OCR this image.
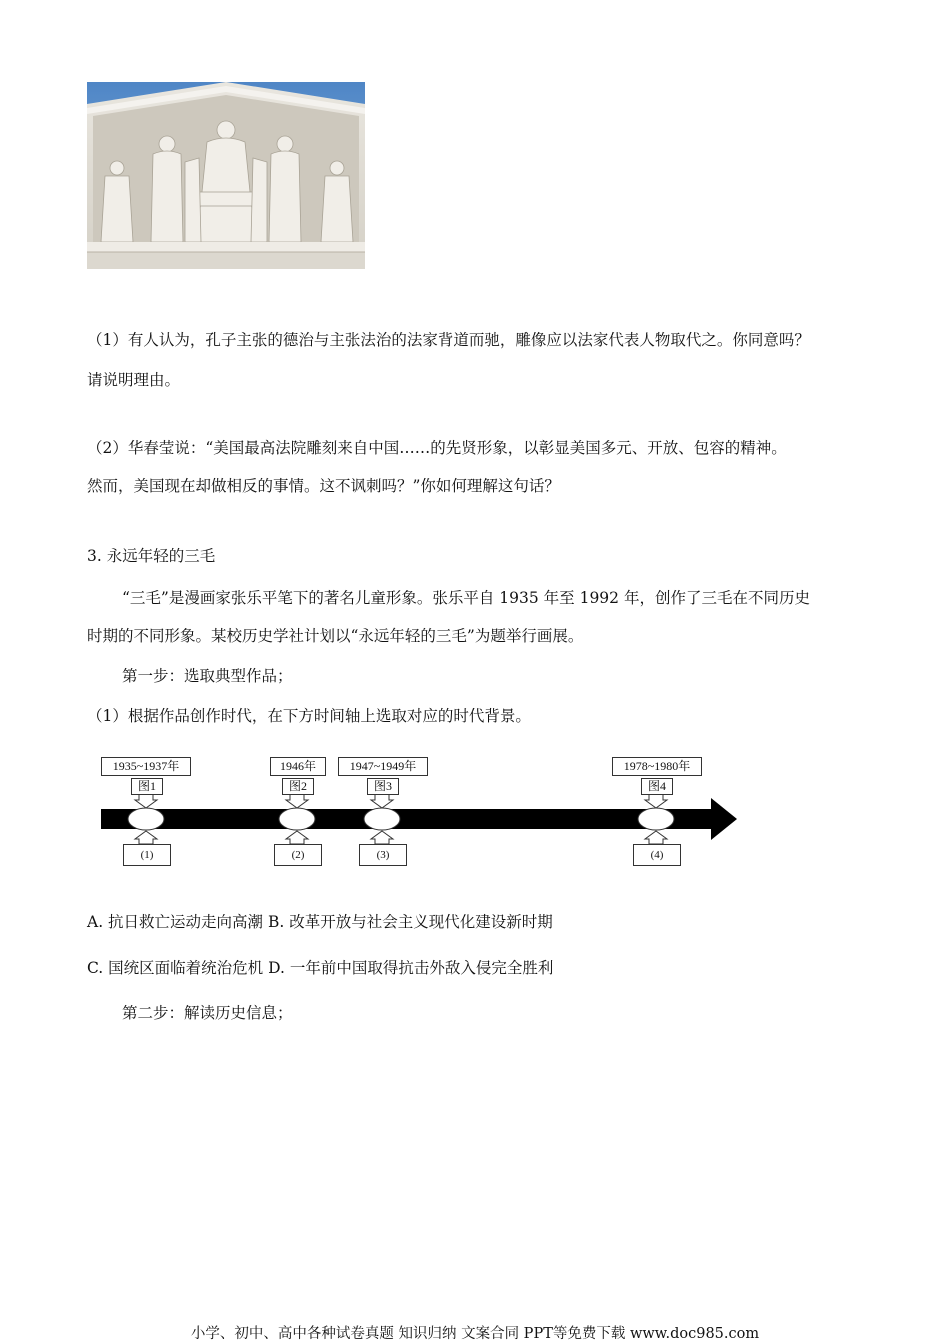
（1）有人认为，孔子主张的德治与主张法治的法家背道而驰，雕像应以法家代表人物取代之。你同意吗？
请说明理由。
（2）华春莹说：“美国最高法院雕刻来自中国……的先贤形象，以彰显美国多元、开放、包容的精神。
然而，美国现在却做相反的事情。这不讽刺吗？”你如何理解这句话？
3. 永远年轻的三毛
“三毛”是漫画家张乐平笔下的著名儿童形象。张乐平自 1935 年至 1992 年，创作了三毛在不同历史
时期的不同形象。某校历史学社计划以“永远年轻的三毛”为题举行画展。
第一步：选取典型作品；
（1）根据作品创作时代，在下方时间轴上选取对应的时代背景。
1935~1937年	1946年	1947~1949年	1978~1980年
图1	图2	图3	图4
(1)	(2)	(3)	(4)
A. 抗日救亡运动走向高潮 B. 改革开放与社会主义现代化建设新时期
C. 国统区面临着统治危机 D. 一年前中国取得抗击外敌入侵完全胜利
第二步：解读历史信息；
小学、初中、高中各种试卷真题 知识归纳 文案合同 PPT等免费下载 www.doc985.com
